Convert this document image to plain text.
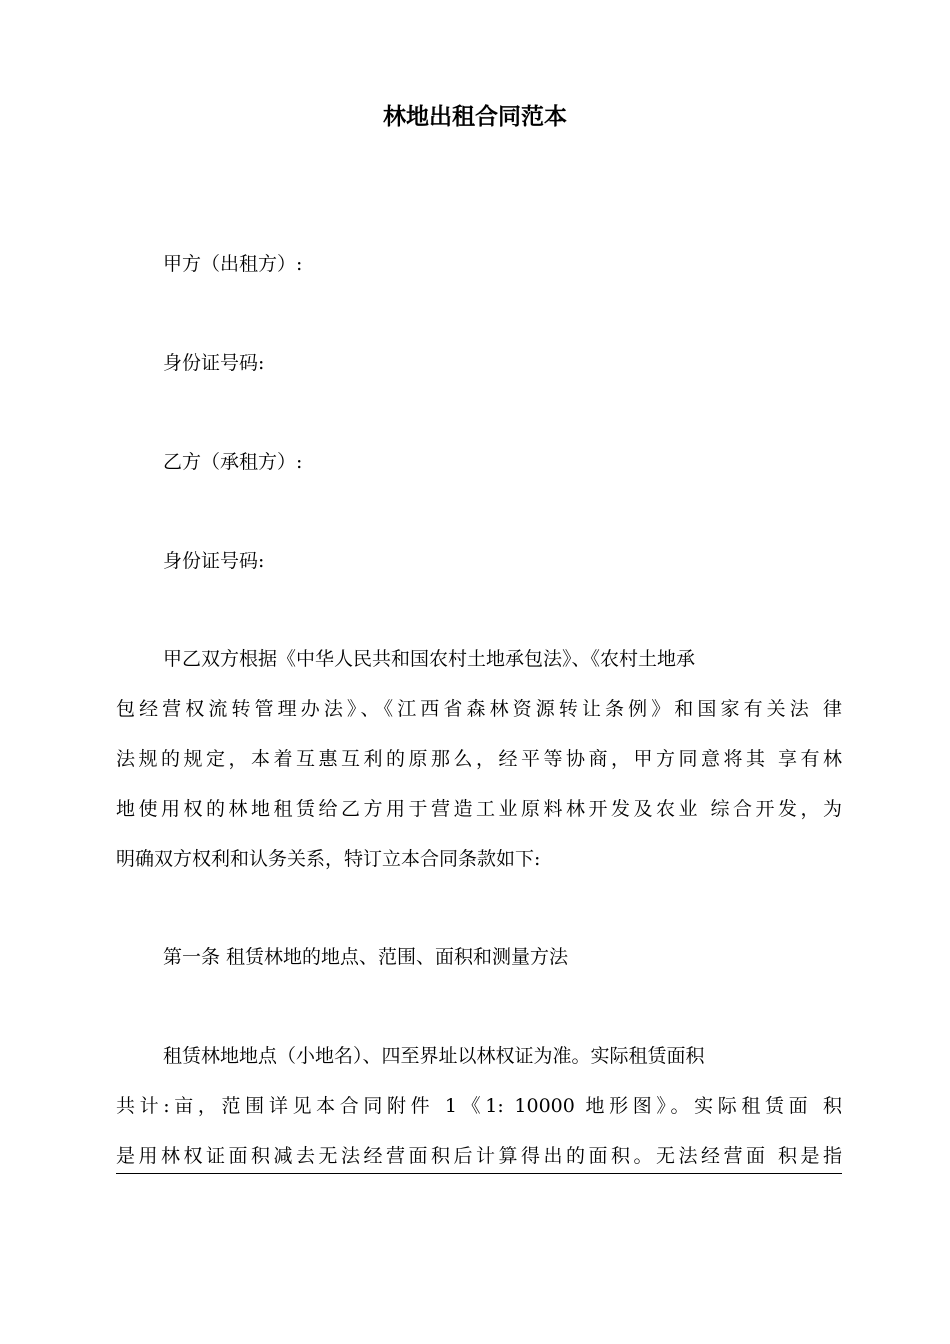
林地出租合同范本

甲方（出租方）:

身份证号码:

乙方（承租方）:

身份证号码:

甲乙双方根据《中华人民共和国农村土地承包法》、《农村土地承
包经营权流转管理办法》、《江西省森林资源转让条例》和国家有关法 律
法规的规定，本着互惠互利的原那么，经平等协商，甲方同意将其 享有林
地使用权的林地租赁给乙方用于营造工业原料林开发及农业 综合开发，为
明确双方权利和认务关系，特订立本合同条款如下:

第一条 租赁林地的地点、范围、面积和测量方法

租赁林地地点（小地名）、四至界址以林权证为准。实际租赁面积
共计:亩，范围详见本合同附件 1《1: 10000 地形图》。实际租赁面 积
是用林权证面积减去无法经营面积后计算得出的面积。无法经营面 积是指
